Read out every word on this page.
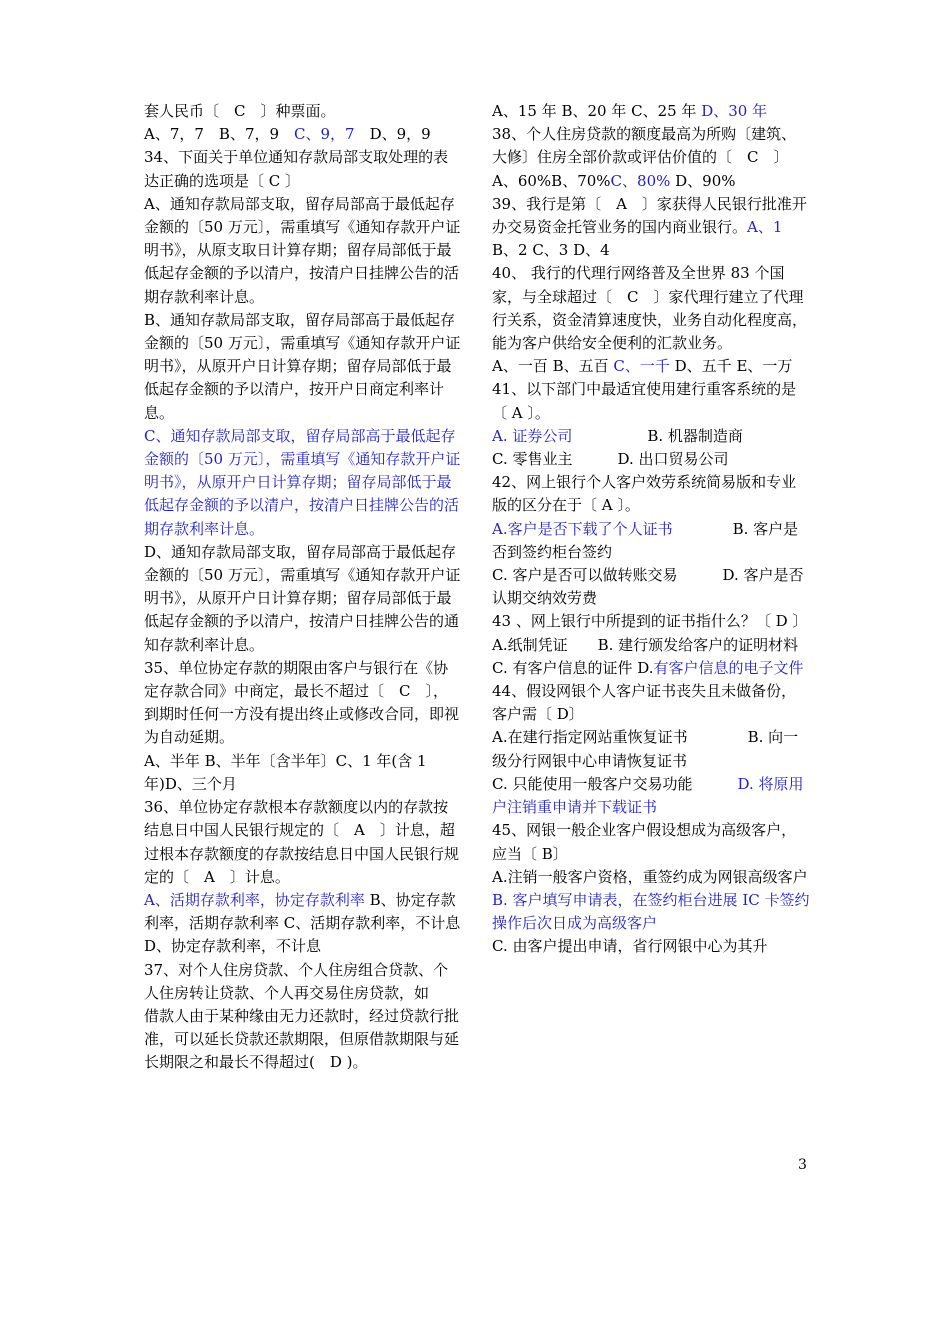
套人民币〔　C　〕种票面。

A、7，7　B、7，9　C、9，7　D、9，9

34、下面关于单位通知存款局部支取处理的表达正确的选项是〔 C 〕

A、通知存款局部支取，留存局部高于最低起存金额的〔50 万元〕，需重填写《通知存款开户证明书》，从原支取日计算存期；留存局部低于最低起存金额的予以清户，按清户日挂牌公告的活期存款利率计息。

B、通知存款局部支取，留存局部高于最低起存金额的〔50 万元〕，需重填写《通知存款开户证明书》，从原开户日计算存期；留存局部低于最低起存金额的予以清户，按开户日商定利率计息。

C、通知存款局部支取，留存局部高于最低起存金额的〔50 万元〕，需重填写《通知存款开户证明书》，从原开户日计算存期；留存局部低于最低起存金额的予以清户，按清户日挂牌公告的活期存款利率计息。

D、通知存款局部支取，留存局部高于最低起存金额的〔50 万元〕，需重填写《通知存款开户证明书》，从原开户日计算存期；留存局部低于最低起存金额的予以清户，按清户日挂牌公告的通知存款利率计息。

35、单位协定存款的期限由客户与银行在《协定存款合同》中商定，最长不超过〔　C　〕，到期时任何一方没有提出终止或修改合同，即视为自动延期。

A、半年 B、半年〔含半年〕C、1 年(含 1 年)D、三个月

36、单位协定存款根本存款额度以内的存款按结息日中国人民银行规定的〔　A　〕计息，超过根本存款额度的存款按结息日中国人民银行规定的〔　A　〕计息。

A、活期存款利率，协定存款利率 B、协定存款利率，活期存款利率 C、活期存款利率，不计息 D、协定存款利率，不计息

37、对个人住房贷款、个人住房组合贷款、个人住房转让贷款、个人再交易住房贷款，如

借款人由于某种缘由无力还款时，经过贷款行批准，可以延长贷款还款期限，但原借款期限与延长期限之和最长不得超过(　D )。

A、15 年 B、20 年 C、25 年 D、30 年

38、个人住房贷款的额度最高为所购〔建筑、大修〕住房全部价款或评估价值的〔　C　〕

A、60%B、70%C、80% D、90%

39、我行是第〔　A　〕家获得人民银行批准开办交易资金托管业务的国内商业银行。A、1 B、2 C、3 D、4

40、 我行的代理行网络普及全世界 83 个国家，与全球超过〔　C　〕家代理行建立了代理行关系，资金清算速度快，业务自动化程度高，能为客户供给安全便利的汇款业务。

A、一百 B、五百 C、一千 D、五千 E、一万

41、以下部门中最适宜使用建行重客系统的是〔 A 〕。

A. 证券公司　　　　　B. 机器制造商

C. 零售业主　　　D. 出口贸易公司

42、网上银行个人客户效劳系统简易版和专业版的区分在于〔 A 〕。

A.客户是否下载了个人证书　　　　B. 客户是否到签约柜台签约

C. 客户是否可以做转账交易　　　D. 客户是否认期交纳效劳费

43 、网上银行中所提到的证书指什么？〔 D 〕

A.纸制凭证　　B. 建行颁发给客户的证明材料

C. 有客户信息的证件 D.有客户信息的电子文件

44、假设网银个人客户证书丧失且未做备份，客户需〔 D〕

A.在建行指定网站重恢复证书　　　　B. 向一级分行网银中心申请恢复证书

C. 只能使用一般客户交易功能　　　D. 将原用户注销重申请并下载证书

45、网银一般企业客户假设想成为高级客户， 应当〔 B〕

A.注销一般客户资格，重签约成为网银高级客户

B. 客户填写申请表，在签约柜台进展 IC 卡签约操作后次日成为高级客户

C. 由客户提出申请，省行网银中心为其升

3
